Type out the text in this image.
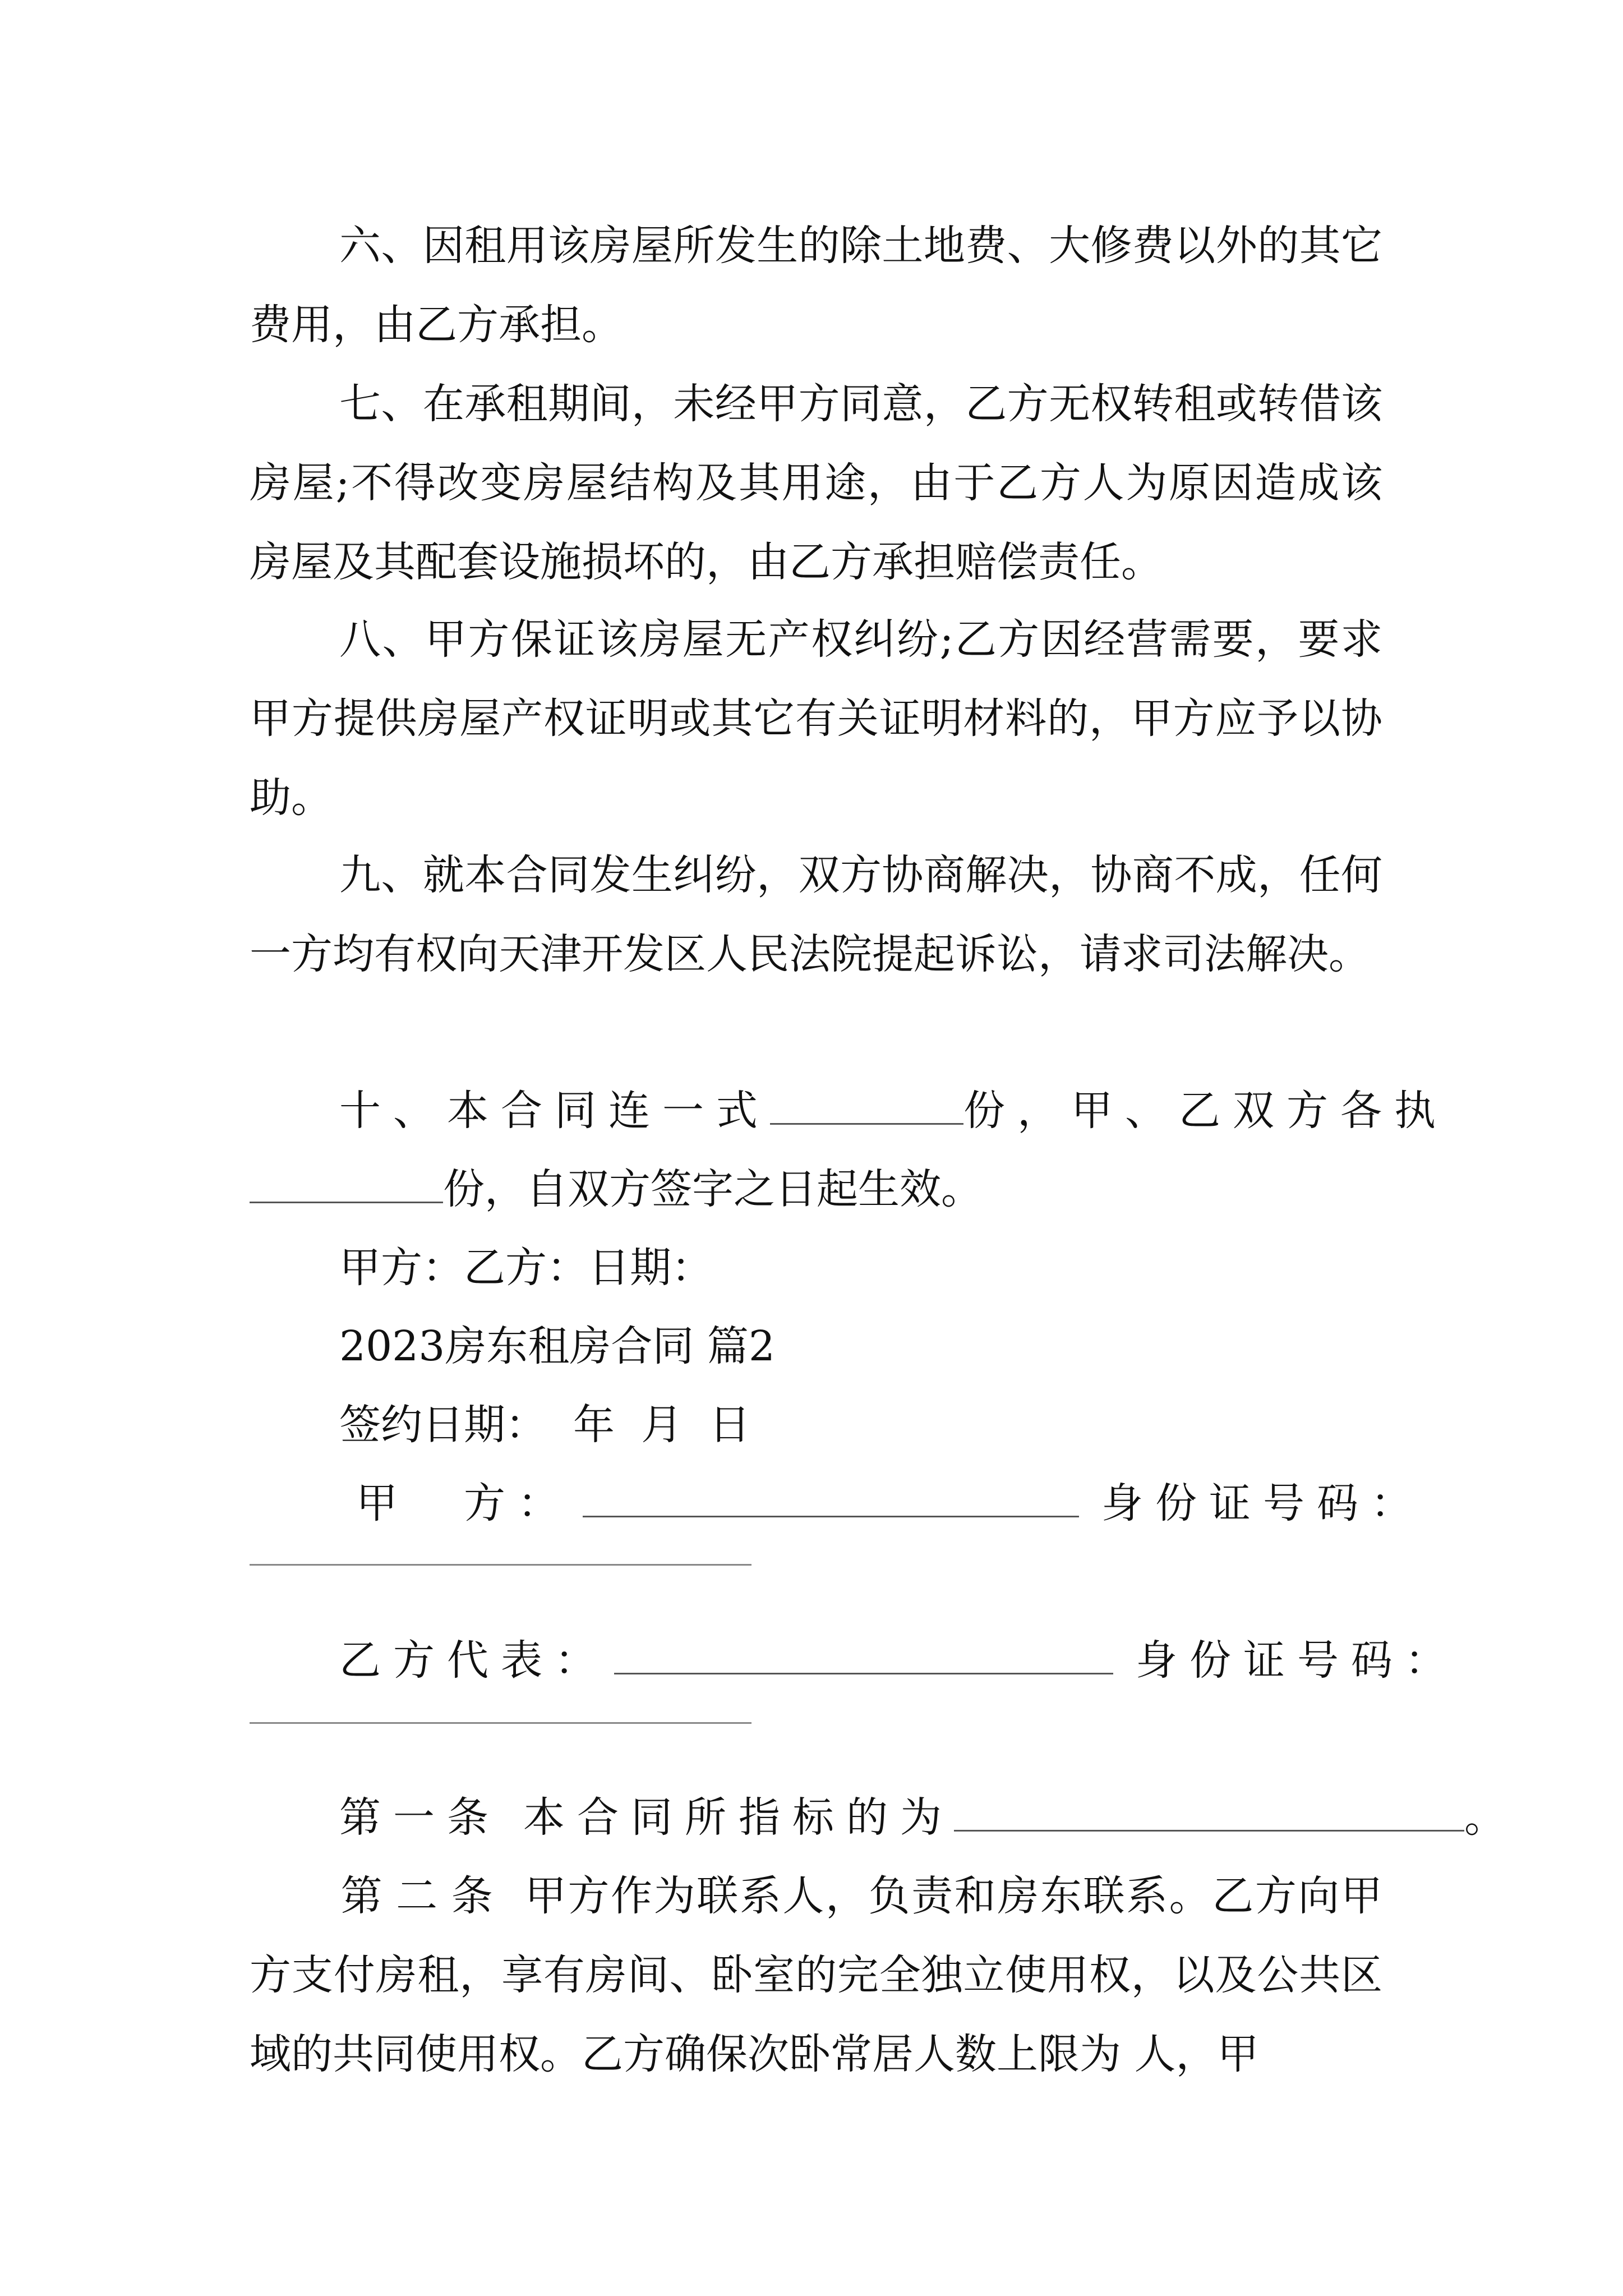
六、因租用该房屋所发生的除土地费、大修费以外的其它费用，由乙方承担。

七、在承租期间，未经甲方同意，乙方无权转租或转借该房屋;不得改变房屋结构及其用途，由于乙方人为原因造成该房屋及其配套设施损坏的，由乙方承担赔偿责任。

八、甲方保证该房屋无产权纠纷;乙方因经营需要，要求甲方提供房屋产权证明或其它有关证明材料的，甲方应予以协助。

九、就本合同发生纠纷，双方协商解决，协商不成，任何一方均有权向天津开发区人民法院提起诉讼，请求司法解决。

十、本合同连一式	份，甲、乙双方各执

份，自双方签字之日起生效。

甲方：乙方：日期：

2023房东租房合同 篇2

签约日期：  年  月  日

甲　方：	身份证号码：

乙方代表：	身份证号码：

第一条 本合同所指标的为	。

第二条 甲方作为联系人，负责和房东联系。乙方向甲方支付房租，享有房间、卧室的完全独立使用权，以及公共区域的共同使用权。乙方确保次卧常居人数上限为 人，甲
